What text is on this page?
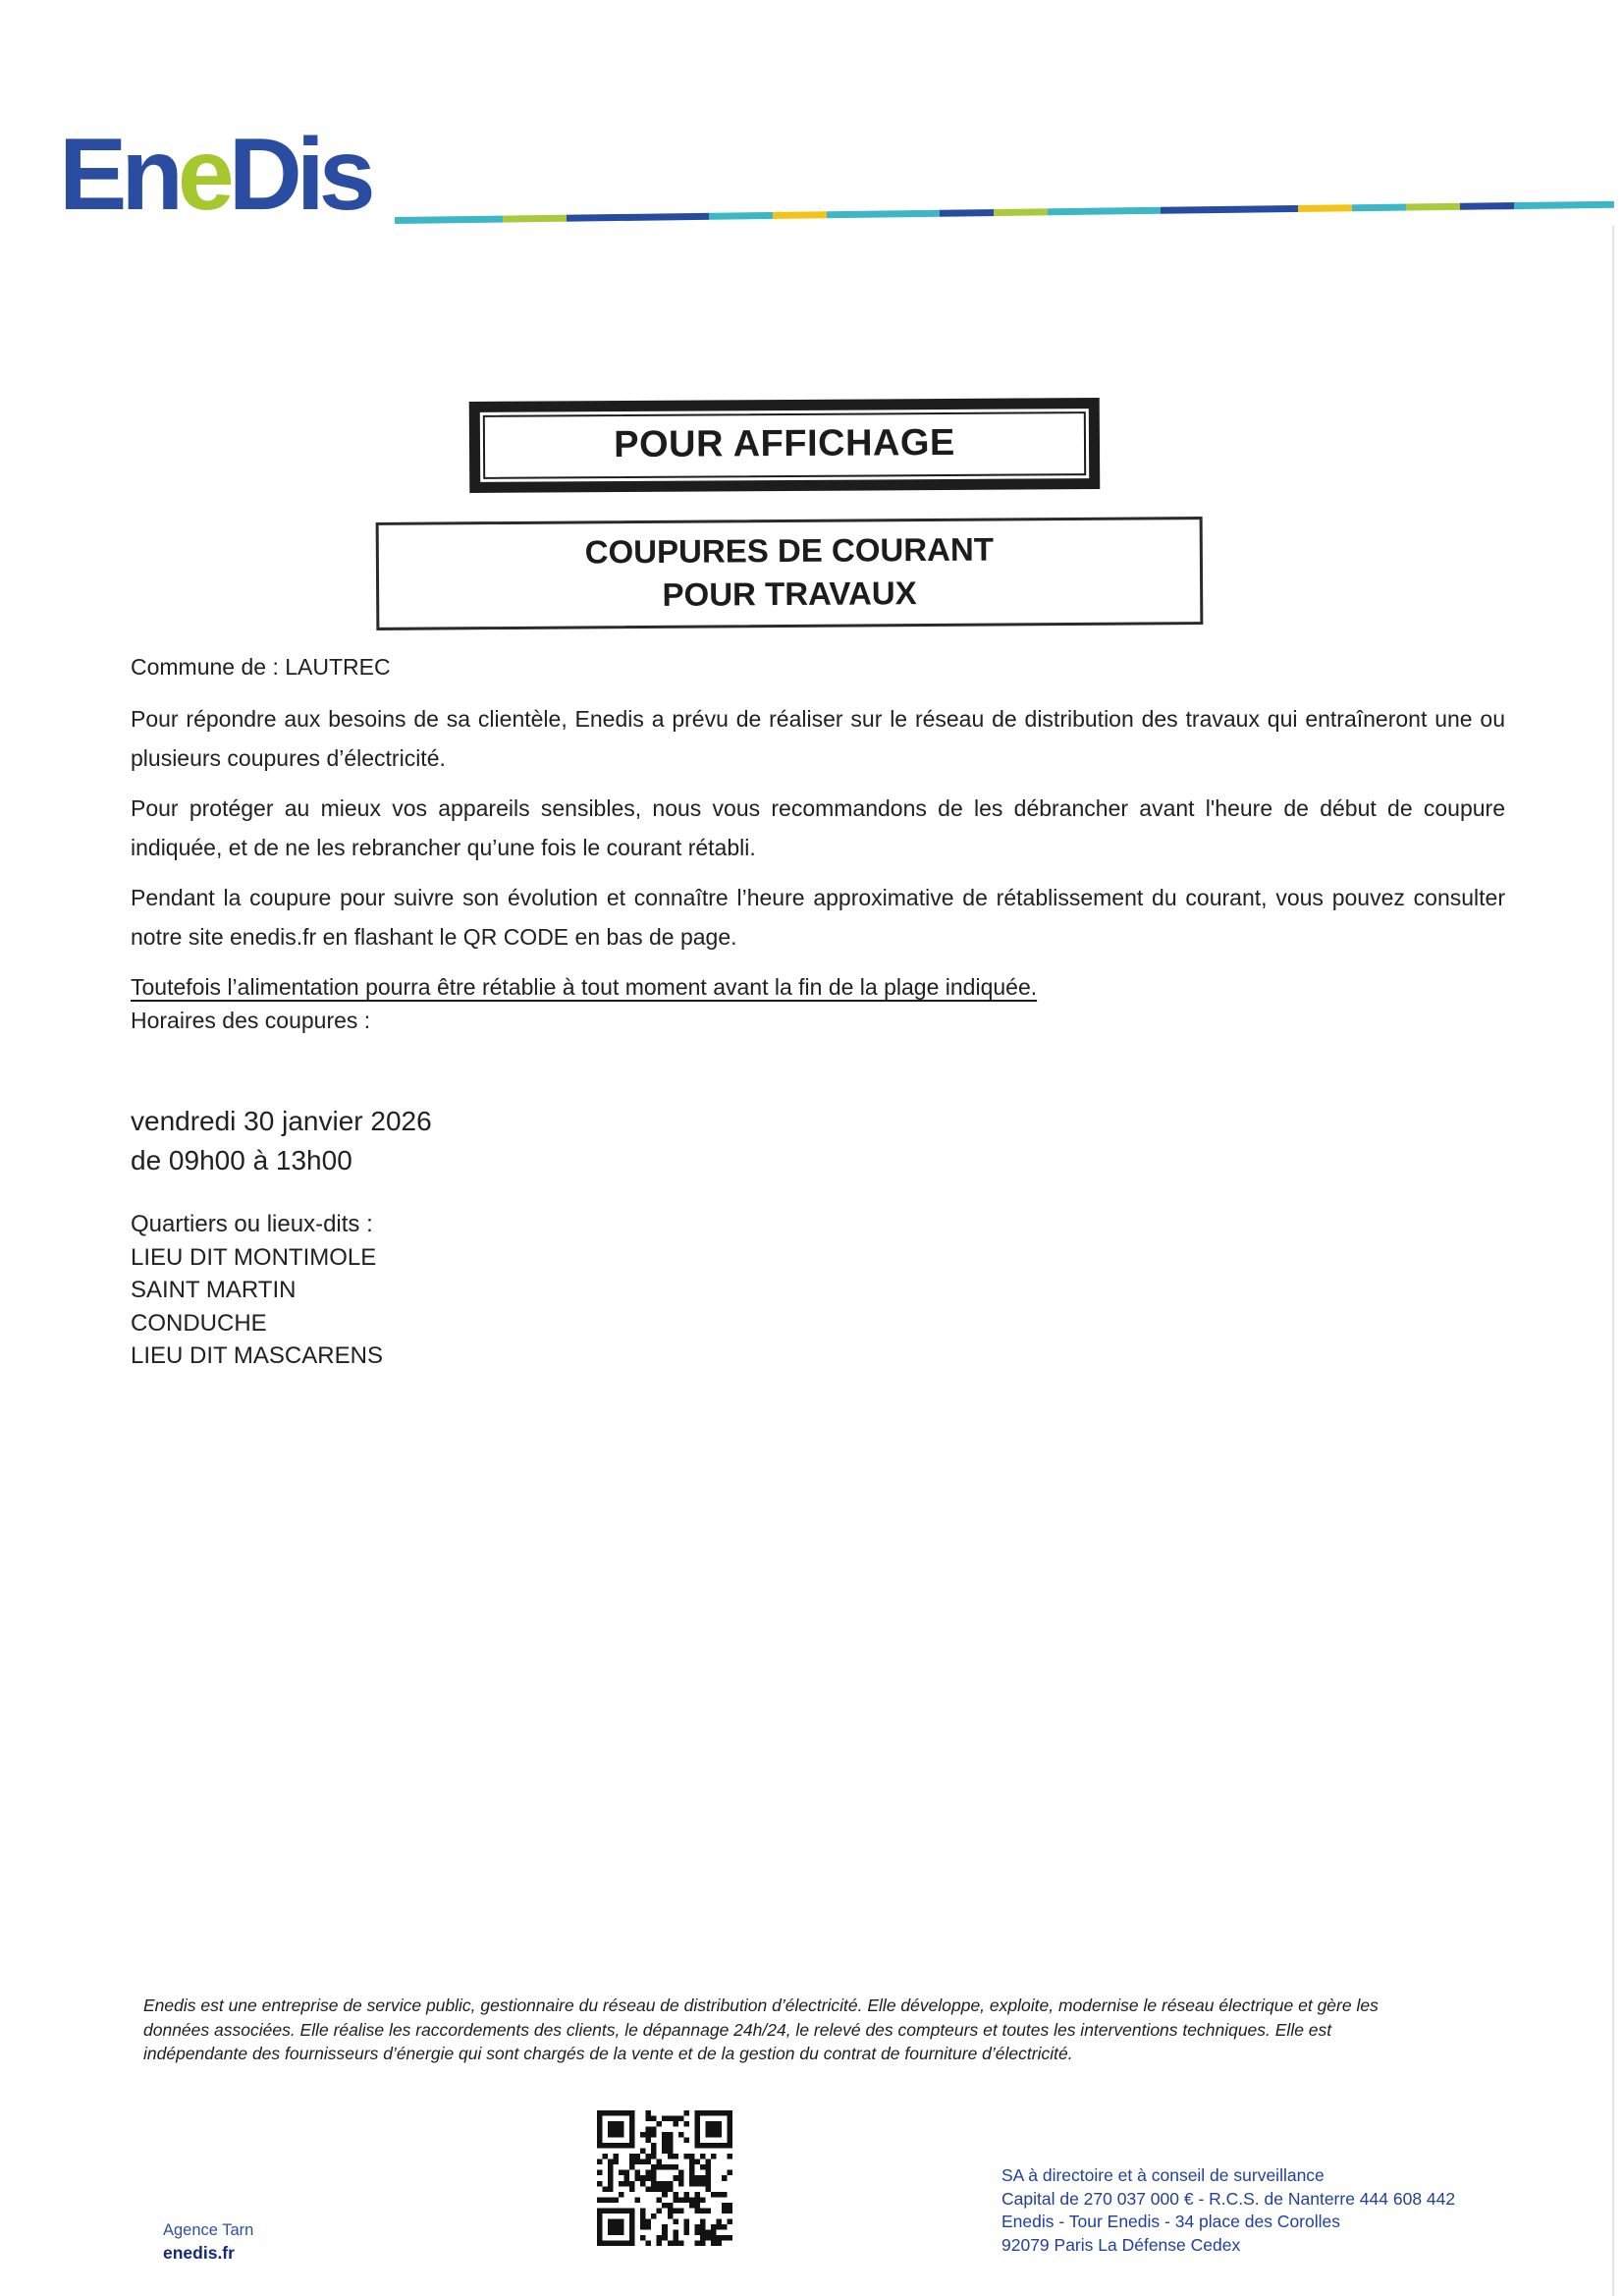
EneDis
POUR AFFICHAGE
COUPURES DE COURANT
POUR TRAVAUX
Commune de : LAUTREC

Pour répondre aux besoins de sa clientèle, Enedis a prévu de réaliser sur le réseau de distribution des travaux qui entraîneront une ou plusieurs coupures d’électricité.

Pour protéger au mieux vos appareils sensibles, nous vous recommandons de les débrancher avant l'heure de début de coupure indiquée, et de ne les rebrancher qu’une fois le courant rétabli.

Pendant la coupure pour suivre son évolution et connaître l’heure approximative de rétablissement du courant, vous pouvez consulter notre site enedis.fr en flashant le QR CODE en bas de page.

Toutefois l’alimentation pourra être rétablie à tout moment avant la fin de la plage indiquée.

Horaires des coupures :
vendredi 30 janvier 2026
de 09h00 à 13h00
Quartiers ou lieux-dits :
LIEU DIT MONTIMOLE
SAINT MARTIN
CONDUCHE
LIEU DIT MASCARENS
Enedis est une entreprise de service public, gestionnaire du réseau de distribution d’électricité. Elle développe, exploite, modernise le réseau électrique et gère les données associées. Elle réalise les raccordements des clients, le dépannage 24h/24, le relevé des compteurs et toutes les interventions techniques. Elle est indépendante des fournisseurs d’énergie qui sont chargés de la vente et de la gestion du contrat de fourniture d’électricité.
SA à directoire et à conseil de surveillance
Capital de 270 037 000 € - R.C.S. de Nanterre 444 608 442
Enedis - Tour Enedis - 34 place des Corolles
92079 Paris La Défense Cedex
Agence Tarn
enedis.fr
